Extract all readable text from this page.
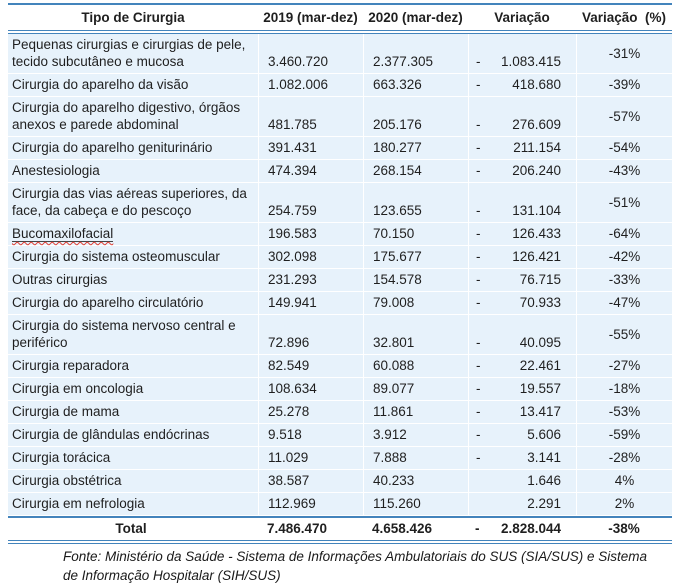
Tipo de Cirurgia	2019 (mar-dez)	2020 (mar-dez)	Variação	Variação  (%)
Pequenas cirurgias e cirurgias de pele, tecido subcutâneo e mucosa	3.460.720	2.377.305	- 1.083.415	-31%
Cirurgia do aparelho da visão	1.082.006	663.326	- 418.680	-39%
Cirurgia do aparelho digestivo, órgãos anexos e parede abdominal	481.785	205.176	- 276.609	-57%
Cirurgia do aparelho geniturinário	391.431	180.277	- 211.154	-54%
Anestesiologia	474.394	268.154	- 206.240	-43%
Cirurgia das vias aéreas superiores, da face, da cabeça e do pescoço	254.759	123.655	- 131.104	-51%
Bucomaxilofacial	196.583	70.150	- 126.433	-64%
Cirurgia do sistema osteomuscular	302.098	175.677	- 126.421	-42%
Outras cirurgias	231.293	154.578	- 76.715	-33%
Cirurgia do aparelho circulatório	149.941	79.008	- 70.933	-47%
Cirurgia do sistema nervoso central e periférico	72.896	32.801	- 40.095	-55%
Cirurgia reparadora	82.549	60.088	- 22.461	-27%
Cirurgia em oncologia	108.634	89.077	- 19.557	-18%
Cirurgia de mama	25.278	11.861	- 13.417	-53%
Cirurgia de glândulas endócrinas	9.518	3.912	- 5.606	-59%
Cirurgia torácica	11.029	7.888	- 3.141	-28%
Cirurgia obstétrica	38.587	40.233	1.646	4%
Cirurgia em nefrologia	112.969	115.260	2.291	2%
Total	7.486.470	4.658.426	- 2.828.044	-38%

Fonte: Ministério da Saúde - Sistema de Informações Ambulatoriais do SUS (SIA/SUS) e Sistema de Informação Hospitalar (SIH/SUS)
